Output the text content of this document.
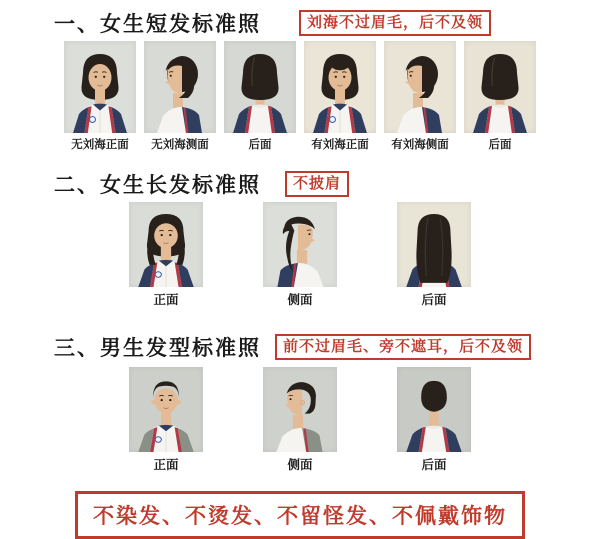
一、女生短发标准照	刘海不过眉毛，后不及领
无刘海正面 无刘海测面	后面	有刘海正面 有刘海侧面	后面
二、女生长发标准照	不披肩
正面	侧面	后面
三、男生发型标准照	前不过眉毛、旁不遮耳，后不及领
正面	侧面	后面
不染发、不烫发、不留怪发、不佩戴饰物
